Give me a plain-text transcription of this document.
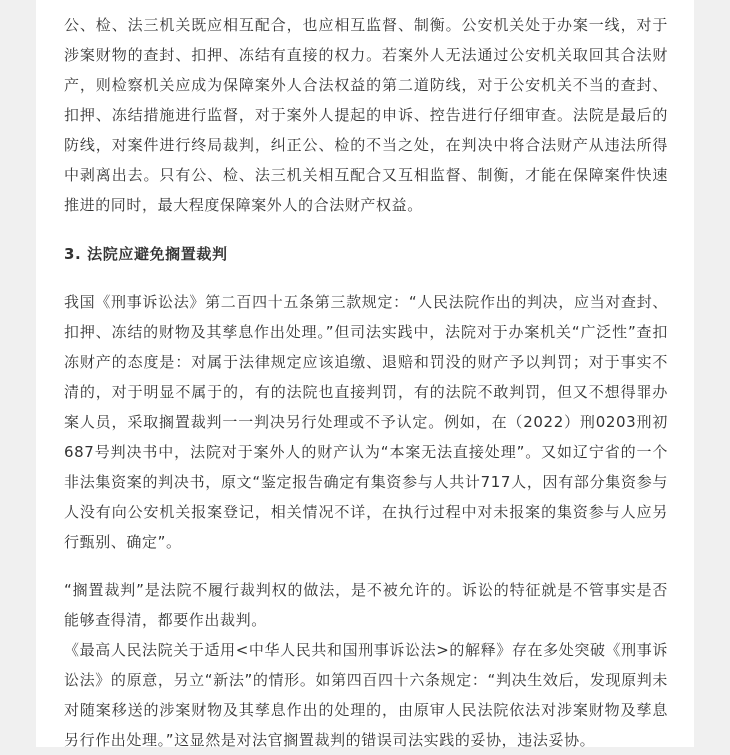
公、检、法三机关既应相互配合，也应相互监督、制衡。公安机关处于办案一线，对于涉案财物的查封、扣押、冻结有直接的权力。若案外人无法通过公安机关取回其合法财产，则检察机关应成为保障案外人合法权益的第二道防线，对于公安机关不当的查封、扣押、冻结措施进行监督，对于案外人提起的申诉、控告进行仔细审查。法院是最后的防线，对案件进行终局裁判，纠正公、检的不当之处，在判决中将合法财产从违法所得中剥离出去。只有公、检、法三机关相互配合又互相监督、制衡，才能在保障案件快速推进的同时，最大程度保障案外人的合法财产权益。

3. 法院应避免搁置裁判

我国《刑事诉讼法》第二百四十五条第三款规定：“人民法院作出的判决，应当对查封、扣押、冻结的财物及其孳息作出处理。”但司法实践中，法院对于办案机关“广泛性”查扣冻财产的态度是：对属于法律规定应该追缴、退赔和罚没的财产予以判罚；对于事实不清的，对于明显不属于的，有的法院也直接判罚，有的法院不敢判罚，但又不想得罪办案人员，采取搁置裁判一一判决另行处理或不予认定。例如，在（2022）刑0203刑初687号判决书中，法院对于案外人的财产认为“本案无法直接处理”。又如辽宁省的一个非法集资案的判决书，原文“鉴定报告确定有集资参与人共计717人，因有部分集资参与人没有向公安机关报案登记，相关情况不详，在执行过程中对未报案的集资参与人应另行甄别、确定”。

“搁置裁判”是法院不履行裁判权的做法，是不被允许的。诉讼的特征就是不管事实是否能够查得清，都要作出裁判。

《最高人民法院关于适用<中华人民共和国刑事诉讼法>的解释》存在多处突破《刑事诉讼法》的原意，另立“新法”的情形。如第四百四十六条规定：“判决生效后，发现原判未对随案移送的涉案财物及其孳息作出的处理的，由原审人民法院依法对涉案财物及孳息另行作出处理。”这显然是对法官搁置裁判的错误司法实践的妥协，违法妥协。
